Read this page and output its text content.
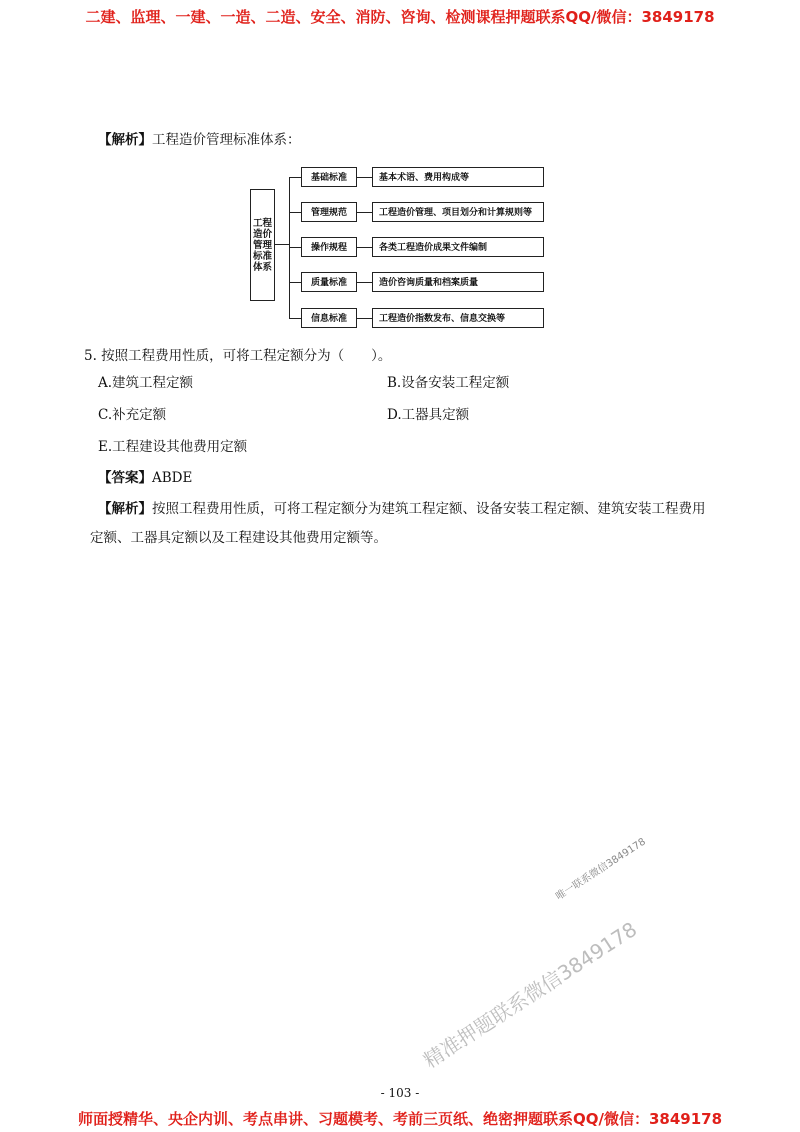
二建、监理、一建、一造、二造、安全、消防、咨询、检测课程押题联系QQ/微信：3849178
【解析】工程造价管理标准体系：
工程造价管理标准体系
基础标准	基本术语、费用构成等
管理规范	工程造价管理、项目划分和计算规则等
操作规程	各类工程造价成果文件编制
质量标准	造价咨询质量和档案质量
信息标准	工程造价指数发布、信息交换等
5. 按照工程费用性质，可将工程定额分为（　　）。
A.建筑工程定额	B.设备安装工程定额
C.补充定额	D.工器具定额
E.工程建设其他费用定额
【答案】ABDE
【解析】按照工程费用性质，可将工程定额分为建筑工程定额、设备安装工程定额、建筑安装工程费用
定额、工器具定额以及工程建设其他费用定额等。
精准押题联系微信3849178
唯一联系微信3849178
- 103 -
师面授精华、央企内训、考点串讲、习题模考、考前三页纸、绝密押题联系QQ/微信：3849178
